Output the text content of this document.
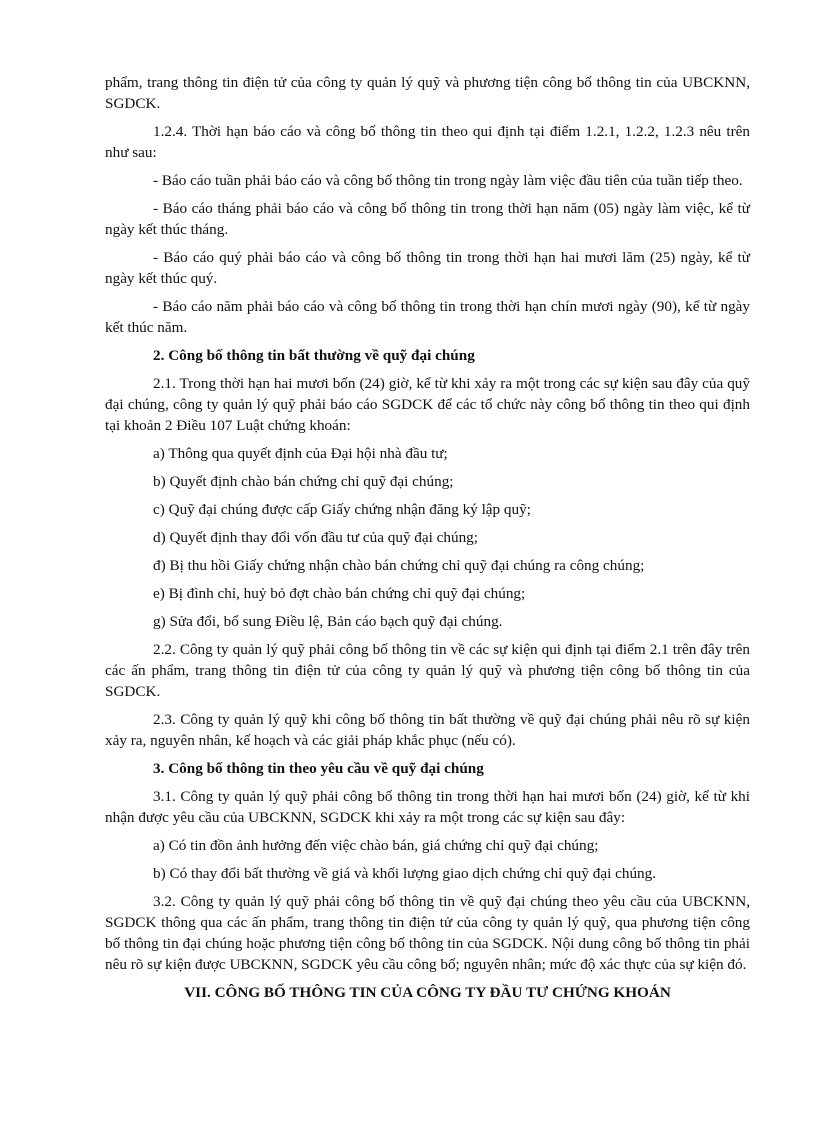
phẩm, trang thông tin điện tử của công ty quản lý quỹ và phương tiện công bố thông tin của UBCKNN, SGDCK.

1.2.4. Thời hạn báo cáo và công bố thông tin theo qui định tại điểm 1.2.1, 1.2.2, 1.2.3 nêu trên như sau:

- Báo cáo tuần phải báo cáo và công bố thông tin trong ngày làm việc đầu tiên của tuần tiếp theo.

- Báo cáo tháng phải báo cáo và công bố thông tin trong thời hạn năm (05) ngày làm việc, kể từ ngày kết thúc tháng.

- Báo cáo quý phải báo cáo và công bố thông tin trong thời hạn hai mươi lăm (25) ngày, kể từ ngày kết thúc quý.

- Báo cáo năm phải báo cáo và công bố thông tin trong thời hạn chín mươi ngày (90), kể từ ngày kết thúc năm.

2. Công bố thông tin bất thường về quỹ đại chúng

2.1. Trong thời hạn hai mươi bốn (24) giờ, kể từ khi xảy ra một trong các sự kiện sau đây của quỹ đại chúng, công ty quản lý quỹ phải báo cáo SGDCK để các tổ chức này công bố thông tin theo qui định tại khoản 2 Điều 107 Luật chứng khoán:

a) Thông qua quyết định của Đại hội nhà đầu tư;

b) Quyết định chào bán chứng chỉ quỹ đại chúng;

c) Quỹ đại chúng được cấp Giấy chứng nhận đăng ký lập quỹ;

d) Quyết định thay đổi vốn đầu tư của quỹ đại chúng;

đ) Bị thu hồi Giấy chứng nhận chào bán chứng chỉ quỹ đại chúng ra công chúng;

e) Bị đình chỉ, huỷ bỏ đợt chào bán chứng chỉ quỹ đại chúng;

g) Sửa đổi, bổ sung Điều lệ, Bản cáo bạch quỹ đại chúng.

2.2. Công ty quản lý quỹ phải công bố thông tin về các sự kiện qui định tại điểm 2.1 trên đây trên các ấn phẩm, trang thông tin điện tử của công ty quản lý quỹ và phương tiện công bố thông tin của SGDCK.

2.3. Công ty quản lý quỹ khi công bố thông tin bất thường về quỹ đại chúng phải nêu rõ sự kiện xảy ra, nguyên nhân, kế hoạch và các giải pháp khắc phục (nếu có).

3. Công bố thông tin theo yêu cầu về quỹ đại chúng

3.1. Công ty quản lý quỹ phải công bố thông tin trong thời hạn hai mươi bốn (24) giờ, kể từ khi nhận được yêu cầu của UBCKNN, SGDCK khi xảy ra một trong các sự kiện sau đây:

a) Có tin đồn ảnh hưởng đến việc chào bán, giá chứng chỉ quỹ đại chúng;

b) Có thay đổi bất thường về giá và khối lượng giao dịch chứng chỉ quỹ đại chúng.

3.2. Công ty quản lý quỹ phải công bố thông tin về quỹ đại chúng theo yêu cầu của UBCKNN, SGDCK thông qua các ấn phẩm, trang thông tin điện tử của công ty quản lý quỹ, qua phương tiện công bố thông tin đại chúng hoặc phương tiện công bố thông tin của SGDCK. Nội dung công bố thông tin phải nêu rõ sự kiện được UBCKNN, SGDCK yêu cầu công bố; nguyên nhân; mức độ xác thực của sự kiện đó.

VII. CÔNG BỐ THÔNG TIN CỦA CÔNG TY ĐẦU TƯ CHỨNG KHOÁN
